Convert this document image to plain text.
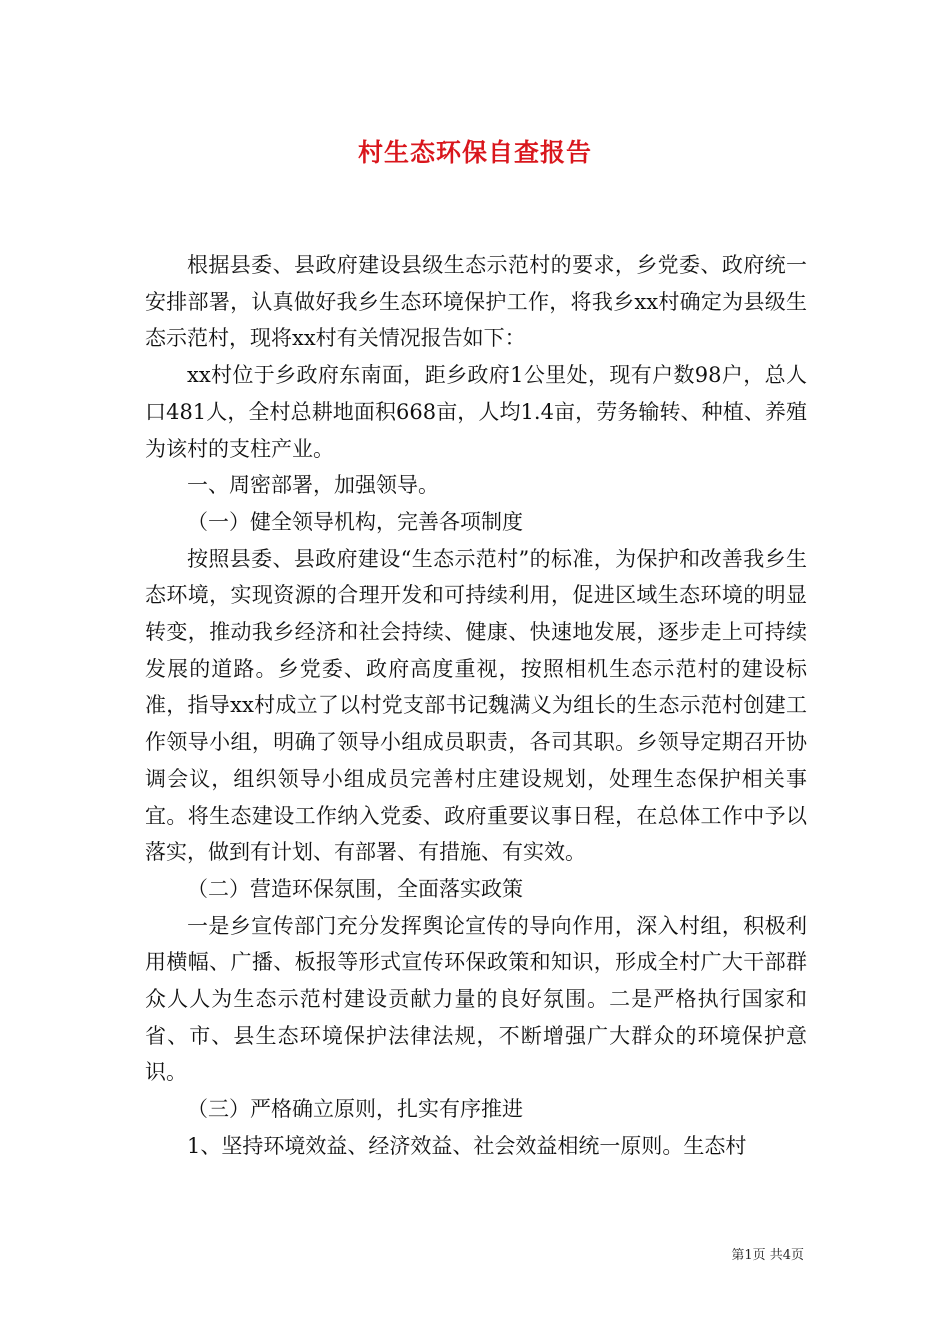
村生态环保自查报告

根据县委、县政府建设县级生态示范村的要求，乡党委、政府统一安排部署，认真做好我乡生态环境保护工作，将我乡xx村确定为县级生态示范村，现将xx村有关情况报告如下：

xx村位于乡政府东南面，距乡政府1公里处，现有户数98户，总人口481人，全村总耕地面积668亩，人均1.4亩，劳务输转、种植、养殖为该村的支柱产业。

一、周密部署，加强领导。

（一）健全领导机构，完善各项制度

按照县委、县政府建设“生态示范村”的标准，为保护和改善我乡生态环境，实现资源的合理开发和可持续利用，促进区域生态环境的明显转变，推动我乡经济和社会持续、健康、快速地发展，逐步走上可持续发展的道路。乡党委、政府高度重视，按照相机生态示范村的建设标准，指导xx村成立了以村党支部书记魏满义为组长的生态示范村创建工作领导小组，明确了领导小组成员职责，各司其职。乡领导定期召开协调会议，组织领导小组成员完善村庄建设规划，处理生态保护相关事宜。将生态建设工作纳入党委、政府重要议事日程，在总体工作中予以落实，做到有计划、有部署、有措施、有实效。

（二）营造环保氛围，全面落实政策

一是乡宣传部门充分发挥舆论宣传的导向作用，深入村组，积极利用横幅、广播、板报等形式宣传环保政策和知识，形成全村广大干部群众人人为生态示范村建设贡献力量的良好氛围。二是严格执行国家和省、市、县生态环境保护法律法规，不断增强广大群众的环境保护意识。

（三）严格确立原则，扎实有序推进

1、坚持环境效益、经济效益、社会效益相统一原则。生态村

第1页 共4页
